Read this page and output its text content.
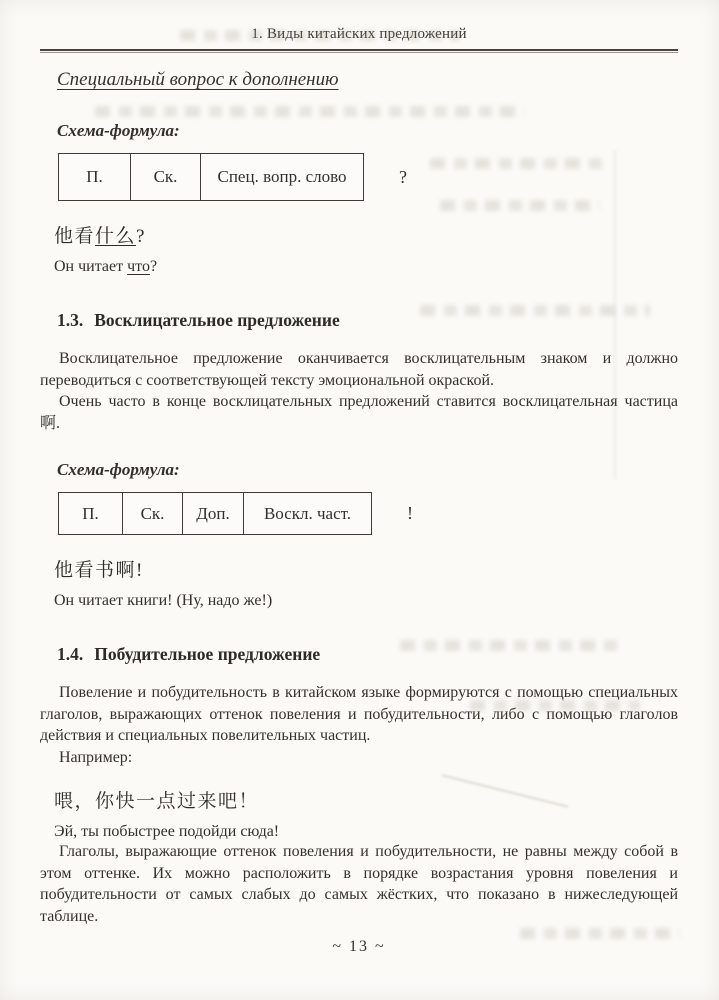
1. Виды китайских предложений
Специальный вопрос к дополнению
Схема-формула:
П.	Ск.	Спец. вопр. слово	?
他看什么?
Он читает что?
1.3. Восклицательное предложение

Восклицательное предложение оканчивается восклицательным знаком и должно переводиться с соответствующей тексту эмоциональной окраской.

Очень часто в конце восклицательных предложений ставится восклицательная частица 啊.

Схема-формула:
П.	Ск.	Доп.	Воскл. част.	!
他看书啊!
Он читает книги! (Ну, надо же!)
1.4. Побудительное предложение

Повеление и побудительность в китайском языке формируются с помощью специальных глаголов, выражающих оттенок повеления и побудительности, либо с помощью глаголов действия и специальных повелительных частиц.

Например:

喂，你快一点过来吧！
Эй, ты побыстрее подойди сюда!

Глаголы, выражающие оттенок повеления и побудительности, не равны между собой в этом оттенке. Их можно расположить в порядке возрастания уровня повеления и побудительности от самых слабых до самых жёстких, что показано в нижеследующей таблице.

~ 13 ~
